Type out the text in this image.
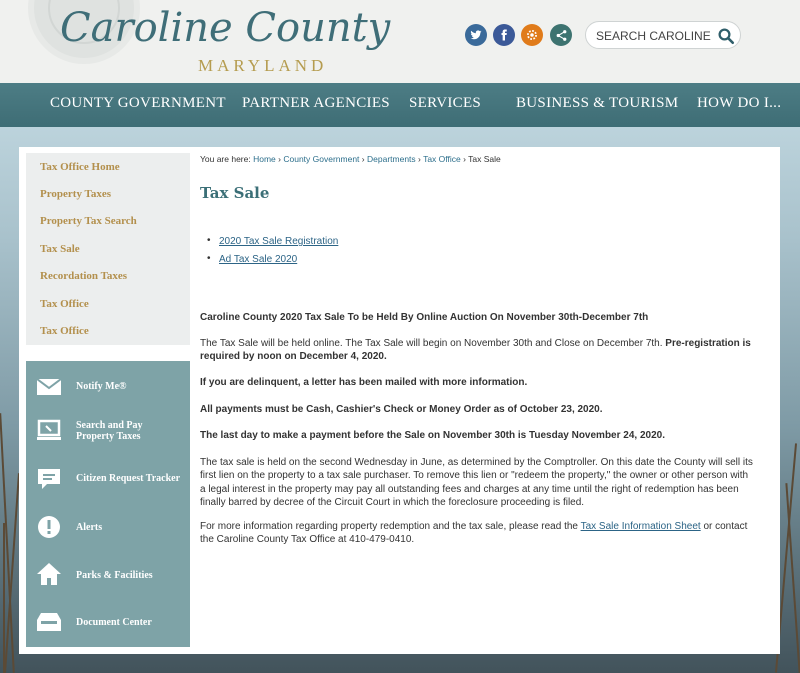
Caroline County
MARYLAND
SEARCH CAROLINE COUNTY
COUNTY GOVERNMENT PARTNER AGENCIES SERVICES BUSINESS & TOURISM HOW DO I...
Tax Office Home
Property Taxes
Property Tax Search
Tax Sale
Recordation Taxes
Tax Office
Tax Office
Notify Me®
Search and Pay
Property Taxes
Citizen Request Tracker
Alerts
Parks & Facilities
Document Center
You are here: Home › County Government › Departments › Tax Office › Tax Sale
Tax Sale
• 2020 Tax Sale Registration
• Ad Tax Sale 2020
Caroline County 2020 Tax Sale To be Held By Online Auction On November 30th-December 7th
The Tax Sale will be held online. The Tax Sale will begin on November 30th and Close on December 7th. Pre-registration is required by noon on December 4, 2020.
If you are delinquent, a letter has been mailed with more information.
All payments must be Cash, Cashier's Check or Money Order as of October 23, 2020.
The last day to make a payment before the Sale on November 30th is Tuesday November 24, 2020.
The tax sale is held on the second Wednesday in June, as determined by the Comptroller. On this date the County will sell its first lien on the property to a tax sale purchaser. To remove this lien or "redeem the property," the owner or other person with a legal interest in the property may pay all outstanding fees and charges at any time until the right of redemption has been finally barred by decree of the Circuit Court in which the foreclosure proceeding is filed.
For more information regarding property redemption and the tax sale, please read the Tax Sale Information Sheet or contact the Caroline County Tax Office at 410-479-0410.
